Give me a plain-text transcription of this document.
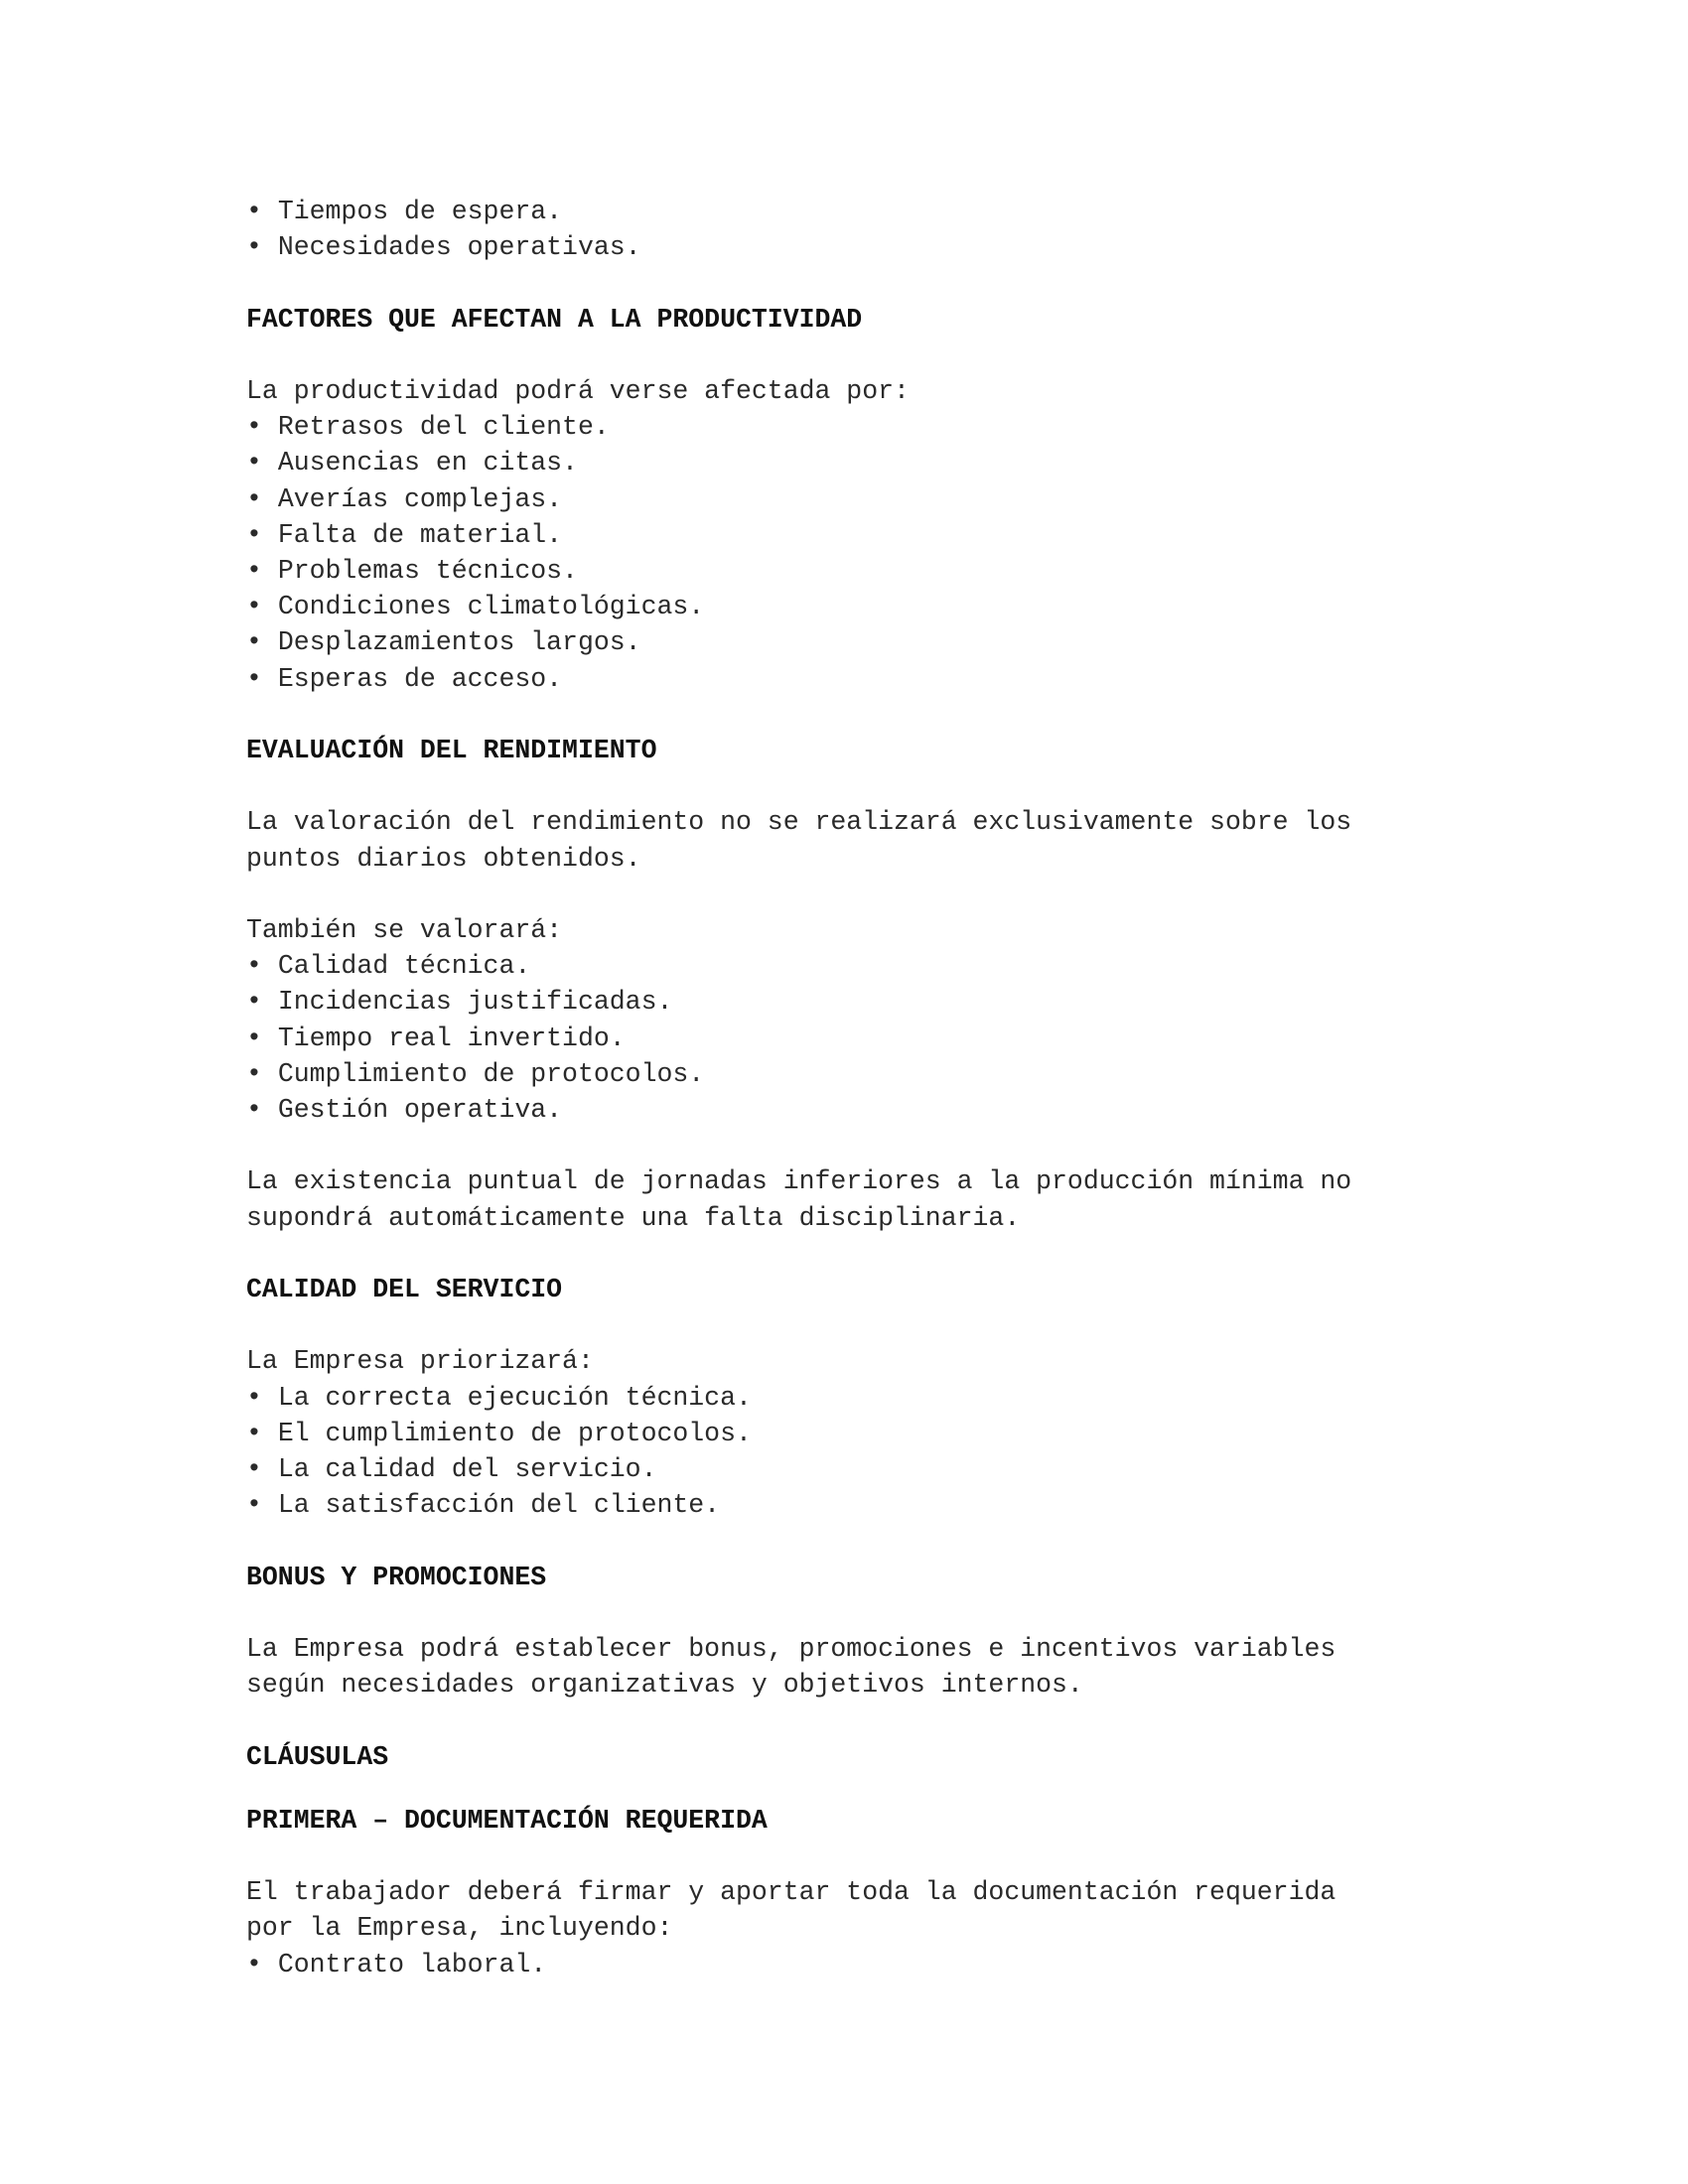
• Tiempos de espera.
• Necesidades operativas.
FACTORES QUE AFECTAN A LA PRODUCTIVIDAD
La productividad podrá verse afectada por:
• Retrasos del cliente.
• Ausencias en citas.
• Averías complejas.
• Falta de material.
• Problemas técnicos.
• Condiciones climatológicas.
• Desplazamientos largos.
• Esperas de acceso.
EVALUACIÓN DEL RENDIMIENTO
La valoración del rendimiento no se realizará exclusivamente sobre los
puntos diarios obtenidos.
También se valorará:
• Calidad técnica.
• Incidencias justificadas.
• Tiempo real invertido.
• Cumplimiento de protocolos.
• Gestión operativa.
La existencia puntual de jornadas inferiores a la producción mínima no
supondrá automáticamente una falta disciplinaria.
CALIDAD DEL SERVICIO
La Empresa priorizará:
• La correcta ejecución técnica.
• El cumplimiento de protocolos.
• La calidad del servicio.
• La satisfacción del cliente.
BONUS Y PROMOCIONES
La Empresa podrá establecer bonus, promociones e incentivos variables
según necesidades organizativas y objetivos internos.
CLÁUSULAS
PRIMERA – DOCUMENTACIÓN REQUERIDA
El trabajador deberá firmar y aportar toda la documentación requerida
por la Empresa, incluyendo:
• Contrato laboral.
